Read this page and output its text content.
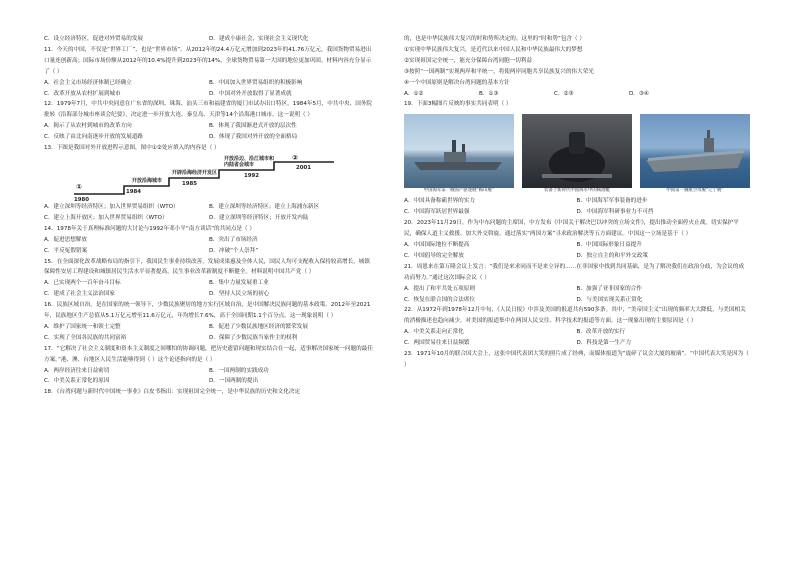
C．设立经济特区，促进对外贸易的发展	D．建成小康社会，实现社会主义现代化

11．今天的中国，不仅是“世界工厂”，也是“世界市场”。从2012年的24.4万亿元增加到2023年的41.76万亿元，我国货物贸易进出口量连创新高；国际市场份额从2012年的10.4%提升到2023年的14%，全球货物贸易第一大国的地位更加巩固。材料内容充分显示了（ ）

A．社会主义市场经济体制已经确立	B．中国加入世界贸易组织的积极影响
C．改革开放从农村扩展到城市	D．中国对外开放取得了显著成就

12．1979年7月，中共中央同意在广东省的深圳、珠海、汕头三市和福建省的厦门市试办出口特区。1984年5月，中共中央、国务院批转《沿海部分城市座谈会纪要》，决定进一步开放大连、秦皇岛、天津等14个沿海港口城市。这一说明（ ）

A．揭示了从农村到城市的改革方向	B．体现了我国渐进式开放的层次性
C．反映了由北向南逐步开放的发展道路	D．体现了我国对外开放的全面格局

13．下图是我国对外开放进程示意图，图中①②处应填入的内容是（ ）

①
1980
开放沿海城市
1984
开辟沿海经济开发区
1985
开放沿边、沿江城市和内陆省会城市
1992
②
2001
A．建立深圳等经济特区；加入世界贸易组织（WTO）	B．建立深圳等经济特区；建立上海浦东新区
C．建立上海开放区；加入世界贸易组织（WTO）	D．建立深圳等经济特区；开放开发内陆

14．1978年关于真理标准问题的大讨论与1992年邓小平“南方谈话”的共同点是（ ）

A．促进思想解放	B．突出了市场经济
C．平反冤假错案	D．冲破“个人崇拜”

15．在全面深化改革战略布局的指引下，我国民生事业持续改善，发展成果惠及全体人民，国民人均可支配收入保持较高增长，城镇保障性安居工程建设和城镇居民生活水平显著提高，民生事业改革新制度不断健全。材料说明中国共产党（ ）

A．已实现两个一百年奋斗目标	B．集中力量发展重工业
C．建成了社会主义法治国家	D．坚持人民立场的初心

16．民族区域自治，是在国家的统一领导下，少数民族聚居的地方实行区域自治，是中国解决民族问题的基本政策。2012年至2021年，民族地区生产总值从5.1万亿元增至11.6万亿元，年均增长7.6%，高于全国同期1.1个百分点。这一现象说明（ ）

A．维护了国家统一和领土完整	B．促进了少数民族地区经济的繁荣发展
C．实现了全国各民族的共同富裕	D．保障了少数民族当家作主的权利

17．“它解决了社会主义制度和资本主义制度之间哪怕的协调问题，把历史遗留问题和现实结合在一起，适事解决国家统一问题的最佳方案。”港、澳、台地区人民生活能够得到（ ）这个论述指向的是（ ）

A．两岸经济往来日益密切	B．一国两制的实践成功
C．中美关系正常化的原因	D．一国两制的提出

18．《台湾问题与新时代中国统一事业》白皮书指出：实现祖国完全统一，是中华民族的历史和文化决定

的，也是中华民族伟大复兴的时和势所决定的。这里的“时和势”包含（ ）

①实现中华民族伟大复兴，是近代以来中国人民和中华民族最伟大的梦想

②实现祖国完全统一，能充分保障台湾同胞一切利益

③按照“一国两制”实现两岸和平统一，将使两岸同胞共享民族复兴的伟大荣光

④一个中国原则是解决台湾问题的基本方针

A．①②	B．①③	C．②③	D．③④

19．下面3幅图片反映的事实共同表明（ ）

中国海军第一艘国产驱逐舰“鞍山舰”	装备于新时代中国海军中的核潜艇	中国第一艘航空母舰“辽宁舰”
A．中国具备称霸世界的实力	B．中国海军军事装备的进步
C．中国海军跃居世界最强	D．中国海军科研事业力不可挡

20．2023年11月29日，作为中东问题的主席国，中方发布《中国关于解决巴以冲突的立场文件》，提出推动全面停火止战，切实保护平民，确保人道主义救援、加大外交斡旋，通过落实“两国方案”寻求政治解决等五方面建议。中国这一立场是基于（ ）

A．中国国际地位不断提高	B．中国国际形象日益提升
C．中国倡导的完全解放	D．独立自主的和平外交政策

21．周恩来在第万隆会议上发言：“我们是来求同而不是来立异的……在非国家中找到共同基础，是为了解决我们在政治分歧，为会议的成功而努力。”通过这次国际会议（ ）

A．提出了和平共处五项原则	B．加强了亚非国家的合作
C．恢复在联合国的合法席位	D．与美国实现关系正常化

22．从1972年到1978年12月中旬，《人民日报》中涉及美国的报道共有590多条。其中，“美帝国主义”出现的频率大大降低，与美国相关的消极描述也趋向减少，对美国的报道集中在两国人民交往、科学技术的报道等方面。这一现象出现的主要原因是（ ）

A．中美关系走向正常化	B．改革开放的实行
C．两国贸易往来日益频繁	D．科技是第一生产力

23．1971年10月的联合国大会上，这张中国代表团大笑的照片成了经典，而媒体报道为“震碎了议会大厦的玻璃”。“中国代表大笑是因为（ ）
